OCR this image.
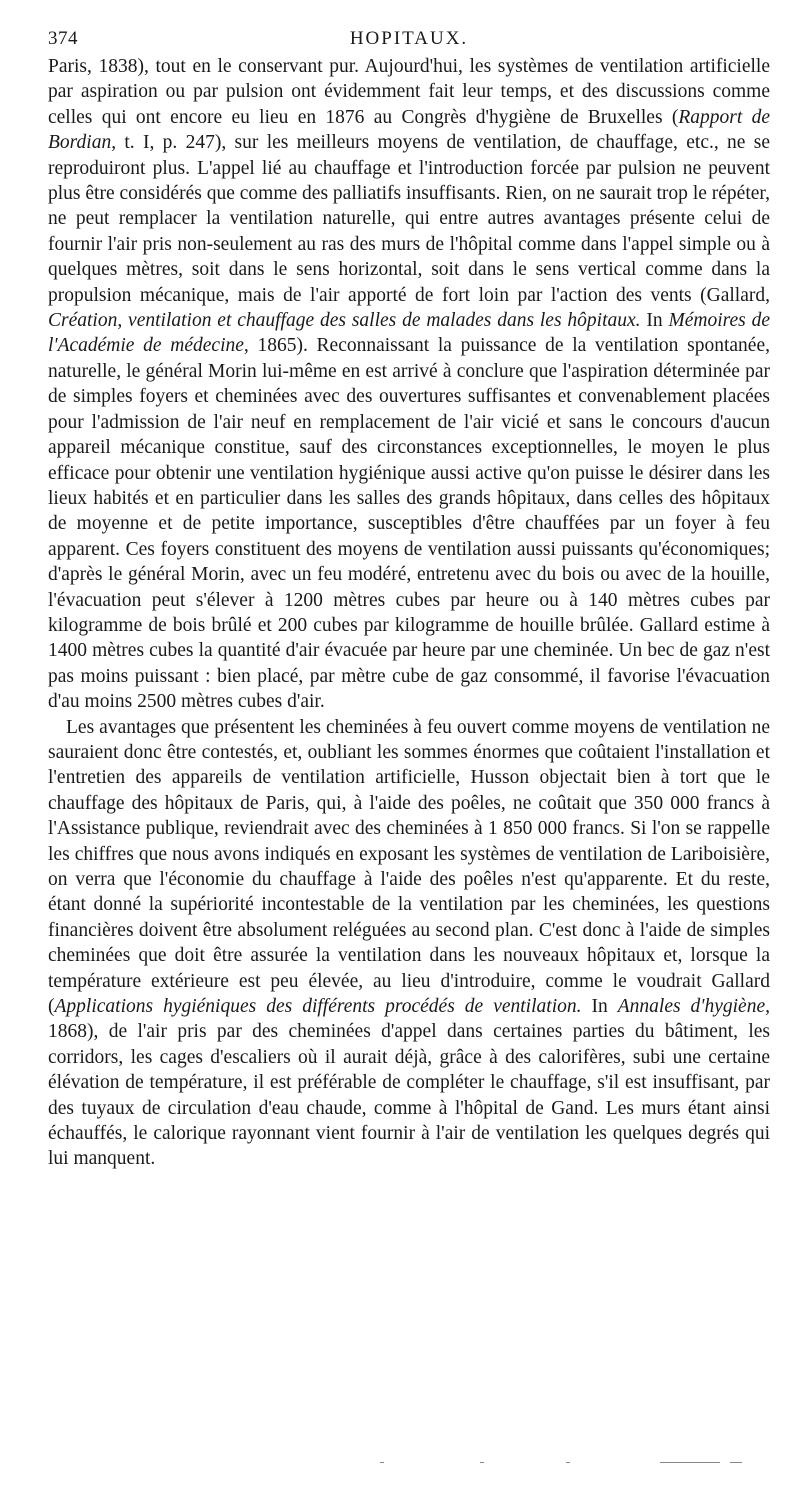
374	HOPITAUX.

Paris, 1838), tout en le conservant pur. Aujourd'hui, les systèmes de ventilation artificielle par aspiration ou par pulsion ont évidemment fait leur temps, et des discussions comme celles qui ont encore eu lieu en 1876 au Congrès d'hygiène de Bruxelles (Rapport de Bordian, t. I, p. 247), sur les meilleurs moyens de ventilation, de chauffage, etc., ne se reproduiront plus. L'appel lié au chauffage et l'introduction forcée par pulsion ne peuvent plus être considérés que comme des palliatifs insuffisants. Rien, on ne saurait trop le répéter, ne peut remplacer la ventilation naturelle, qui entre autres avantages présente celui de fournir l'air pris non-seulement au ras des murs de l'hôpital comme dans l'appel simple ou à quelques mètres, soit dans le sens horizontal, soit dans le sens vertical comme dans la propulsion mécanique, mais de l'air apporté de fort loin par l'action des vents (Gallard, Création, ventilation et chauffage des salles de malades dans les hôpitaux. In Mémoires de l'Académie de médecine, 1865). Reconnaissant la puissance de la ventilation spontanée, naturelle, le général Morin lui-même en est arrivé à conclure que l'aspiration déterminée par de simples foyers et cheminées avec des ouvertures suffisantes et convenablement placées pour l'admission de l'air neuf en remplacement de l'air vicié et sans le concours d'aucun appareil mécanique constitue, sauf des circonstances exceptionnelles, le moyen le plus efficace pour obtenir une ventilation hygiénique aussi active qu'on puisse le désirer dans les lieux habités et en particulier dans les salles des grands hôpitaux, dans celles des hôpitaux de moyenne et de petite importance, susceptibles d'être chauffées par un foyer à feu apparent. Ces foyers constituent des moyens de ventilation aussi puissants qu'économiques; d'après le général Morin, avec un feu modéré, entretenu avec du bois ou avec de la houille, l'évacuation peut s'élever à 1200 mètres cubes par heure ou à 140 mètres cubes par kilogramme de bois brûlé et 200 cubes par kilogramme de houille brûlée. Gallard estime à 1400 mètres cubes la quantité d'air évacuée par heure par une cheminée. Un bec de gaz n'est pas moins puissant : bien placé, par mètre cube de gaz consommé, il favorise l'évacuation d'au moins 2500 mètres cubes d'air.

Les avantages que présentent les cheminées à feu ouvert comme moyens de ventilation ne sauraient donc être contestés, et, oubliant les sommes énormes que coûtaient l'installation et l'entretien des appareils de ventilation artificielle, Husson objectait bien à tort que le chauffage des hôpitaux de Paris, qui, à l'aide des poêles, ne coûtait que 350 000 francs à l'Assistance publique, reviendrait avec des cheminées à 1 850 000 francs. Si l'on se rappelle les chiffres que nous avons indiqués en exposant les systèmes de ventilation de Lariboisière, on verra que l'économie du chauffage à l'aide des poêles n'est qu'apparente. Et du reste, étant donné la supériorité incontestable de la ventilation par les cheminées, les questions financières doivent être absolument reléguées au second plan. C'est donc à l'aide de simples cheminées que doit être assurée la ventilation dans les nouveaux hôpitaux et, lorsque la température extérieure est peu élevée, au lieu d'introduire, comme le voudrait Gallard (Applications hygiéniques des différents procédés de ventilation. In Annales d'hygiène, 1868), de l'air pris par des cheminées d'appel dans certaines parties du bâtiment, les corridors, les cages d'escaliers où il aurait déjà, grâce à des calorifères, subi une certaine élévation de température, il est préférable de compléter le chauffage, s'il est insuffisant, par des tuyaux de circulation d'eau chaude, comme à l'hôpital de Gand. Les murs étant ainsi échauffés, le calorique rayonnant vient fournir à l'air de ventilation les quelques degrés qui lui manquent.
